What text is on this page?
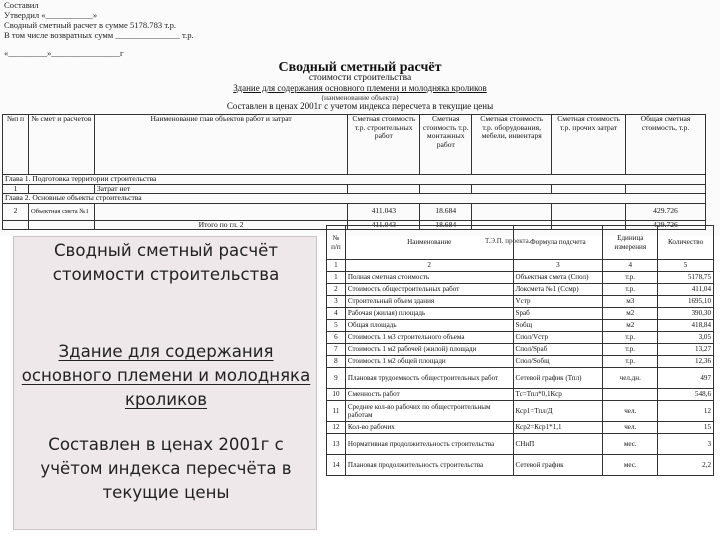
Составил
Утвердил «___________»
Сводный сметный расчет в сумме 5178.783 т.р.
В том числе возвратных сумм _______________ т.р.
«_________»________________г
Сводный сметный расчёт
стоимости строительства
Здание для содержания основного племени и молодняка кроликов
(наименование объекта)
Составлен в ценах 2001г с учетом индекса пересчета в текущие цены
№п п	№ смет и расчетов	Наименование глав объектов работ и затрат	Сметная стоимость т.р. строительных работ	Сметная стоимость т.р. монтажных работ	Сметная стоимость т.р. оборудования, мебели, инвентаря	Сметная стоимость т.р. прочих затрат	Общая сметная стоимость, т.р.
Глава 1. Подготовка территории строительства							
1		Затрат нет					
Глава 2. Основные объекты строительства							
2	Объектная смета №1		411.043	18.684			429.726
		Итого по гл. 2	411.043	18.684			429.726
Т.Э.П. проекта.
№ п/п	Наименование	Формула подсчета	Единица измерения	Количество
1	2	3	4	5
1	Полная сметная стоимость	Объектная смета (Спол)	т.р.	5178,75
2	Стоимость общестроительных работ	Локсмета №1 (Ссмр)	т.р.	411,04
3	Строительный объем здания	Vстр	м3	1695,10
4	Рабочая (жилая) площадь	Sраб	м2	390,30
5	Общая площадь	Sобщ	м2	418,84
6	Стоимость 1 м3 строительного объема	Спол/Vстр	т.р.	3,05
7	Стоимость 1 м2 рабочей (жилой) площади	Спол/Sраб	т.р.	13,27
8	Стоимость 1 м2 общей площади	Спол/Sобщ	т.р.	12,36
9	Плановая трудоемкость общестроительных работ	Сетевой график (Тпл)	чел.дн.	497
10	Сменность работ	Тс=Тпл*0,1Кср		548,6
11	Среднее кол-во рабочих по общестроительным работам	Кср1=Тпл/Д	чел.	12
12	Кол-во рабочих	Кср2=Кср1*1,1	чел.	15
13	Нормативная продолжительность строительства	СНиП	мес.	3
14	Плановая продолжительность строительства	Сетевой график	мес.	2,2
Сводный сметный расчёт стоимости строительства
Здание для содержания основного племени и молодняка кроликов
Составлен в ценах 2001г с учётом индекса пересчёта в текущие цены
